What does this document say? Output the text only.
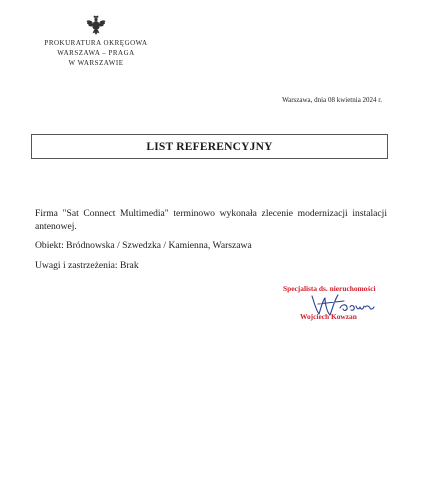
PROKURATURA OKRĘGOWA
WARSZAWA – PRAGA
W WARSZAWIE
Warszawa, dnia 08 kwietnia 2024 r.
LIST REFERENCYJNY

Firma "Sat Connect Multimedia" terminowo wykonała zlecenie modernizacji instalacji antenowej.

Obiekt: Bródnowska / Szwedzka / Kamienna, Warszawa

Uwagi i zastrzeżenia: Brak

Specjalista ds. nieruchomości
Wojciech Kowzan
